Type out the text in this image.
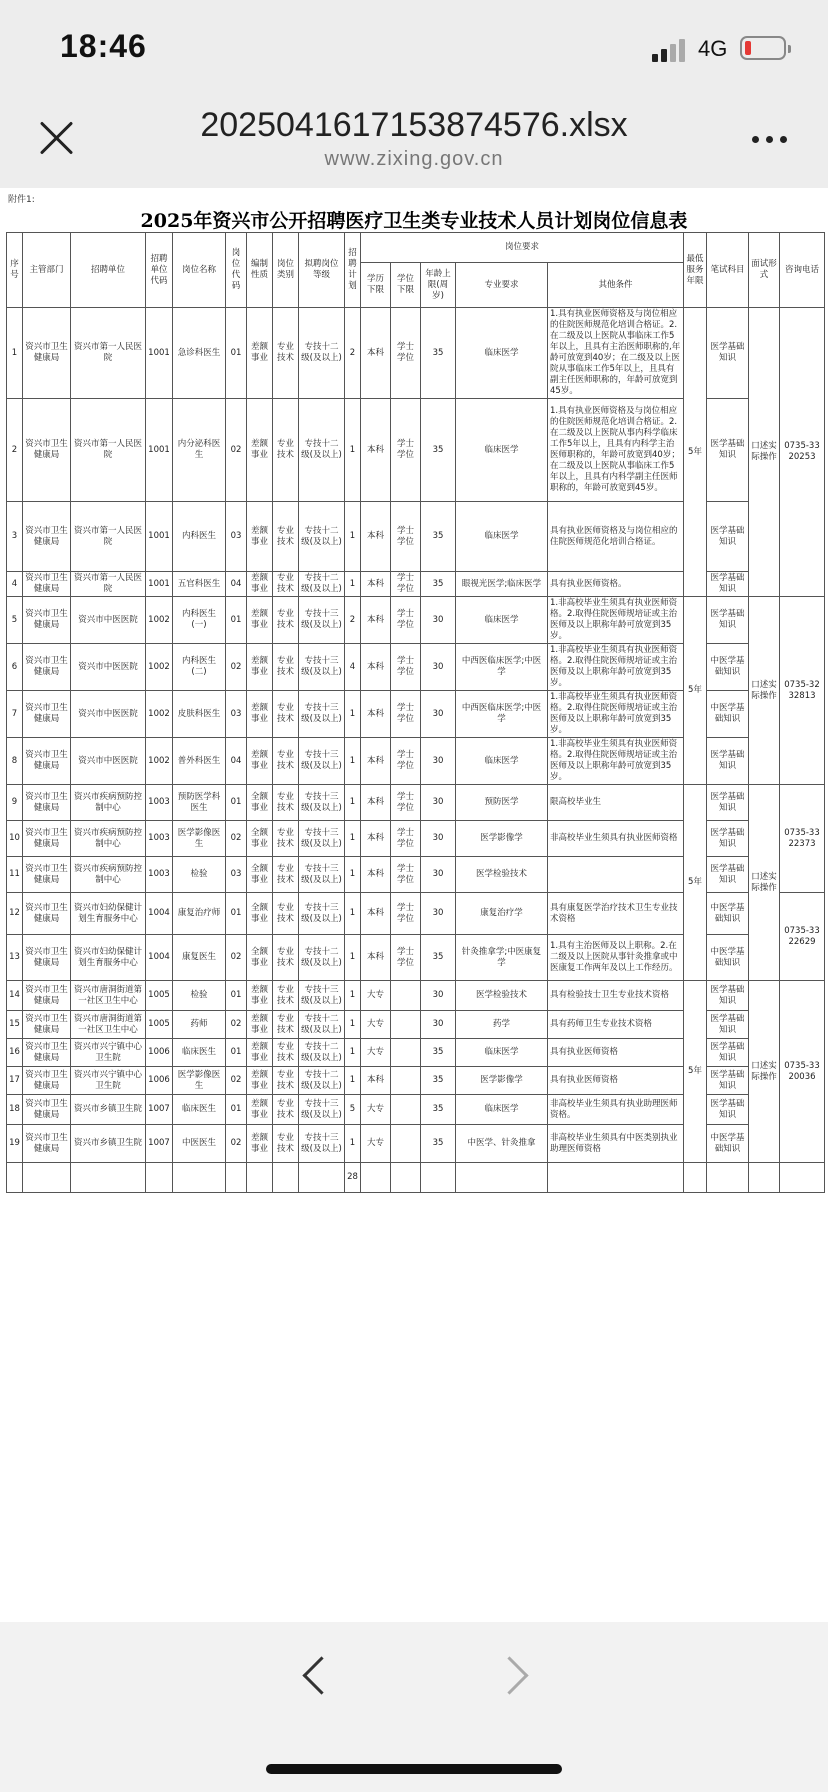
18:46	4G
20250416171538745​76.xlsx
www.zixing.gov.cn
附件1:
2025年资兴市公开招聘医疗卫生类专业技术人员计划岗位信息表
序号	主管部门	招聘单位	招聘单位代码	岗位名称	岗位代码	编制性质	岗位类别	拟聘岗位等级	招聘计划	岗位要求					最低服务年限	笔试科目	面试形式	咨询电话
										学历下限	学位下限	年龄上限(周岁)	专业要求	其他条件				
1	资兴市卫生健康局	资兴市第一人民医院	1001	急诊科医生	01	差额事业	专业技术	专技十二级(及以上)	2	本科	学士学位	35	临床医学	1.具有执业医师资格及与岗位相应的住院医师规范化培训合格证。2.在二级及以上医院从事临床工作5年以上，且具有主治医师职称的,年龄可放宽到40岁；在二级及以上医院从事临床工作5年以上，且具有副主任医师职称的，年龄可放宽到45岁。	5年	医学基础知识	口述实际操作	0735-3320253
2	资兴市卫生健康局	资兴市第一人民医院	1001	内分泌科医生	02	差额事业	专业技术	专技十二级(及以上)	1	本科	学士学位	35	临床医学	1.具有执业医师资格及与岗位相应的住院医师规范化培训合格证。2.在二级及以上医院从事内科学临床工作5年以上，且具有内科学主治医师职称的，年龄可放宽到40岁；在二级及以上医院从事临床工作5年以上，且具有内科学副主任医师职称的，年龄可放宽到45岁。		医学基础知识		
3	资兴市卫生健康局	资兴市第一人民医院	1001	内科医生	03	差额事业	专业技术	专技十二级(及以上)	1	本科	学士学位	35	临床医学	具有执业医师资格及与岗位相应的住院医师规范化培训合格证。		医学基础知识		
4	资兴市卫生健康局	资兴市第一人民医院	1001	五官科医生	04	差额事业	专业技术	专技十二级(及以上)	1	本科	学士学位	35	眼视光医学;临床医学	具有执业医师资格。		医学基础知识		
5	资兴市卫生健康局	资兴市中医医院	1002	内科医生(一)	01	差额事业	专业技术	专技十三级(及以上)	2	本科	学士学位	30	临床医学	1.非高校毕业生须具有执业医师资格。2.取得住院医师规培证或主治医师及以上职称年龄可放宽到35岁。	5年	医学基础知识	口述实际操作	0735-3232813
6	资兴市卫生健康局	资兴市中医医院	1002	内科医生(二)	02	差额事业	专业技术	专技十三级(及以上)	4	本科	学士学位	30	中西医临床医学;中医学	1.非高校毕业生须具有执业医师资格。2.取得住院医师规培证或主治医师及以上职称年龄可放宽到35岁。		中医学基础知识		
7	资兴市卫生健康局	资兴市中医医院	1002	皮肤科医生	03	差额事业	专业技术	专技十三级(及以上)	1	本科	学士学位	30	中西医临床医学;中医学	1.非高校毕业生须具有执业医师资格。2.取得住院医师规培证或主治医师及以上职称年龄可放宽到35岁。		中医学基础知识		
8	资兴市卫生健康局	资兴市中医医院	1002	普外科医生	04	差额事业	专业技术	专技十三级(及以上)	1	本科	学士学位	30	临床医学	1.非高校毕业生须具有执业医师资格。2.取得住院医师规培证或主治医师及以上职称年龄可放宽到35岁。		医学基础知识		
9	资兴市卫生健康局	资兴市疾病预防控制中心	1003	预防医学科医生	01	全额事业	专业技术	专技十三级(及以上)	1	本科	学士学位	30	预防医学	限高校毕业生	5年	医学基础知识	口述实际操作	0735-3322373
10	资兴市卫生健康局	资兴市疾病预防控制中心	1003	医学影像医生	02	全额事业	专业技术	专技十三级(及以上)	1	本科	学士学位	30	医学影像学	非高校毕业生须具有执业医师资格		医学基础知识		
11	资兴市卫生健康局	资兴市疾病预防控制中心	1003	检验	03	全额事业	专业技术	专技十三级(及以上)	1	本科	学士学位	30	医学检验技术			医学基础知识		
12	资兴市卫生健康局	资兴市妇幼保健计划生育服务中心	1004	康复治疗师	01	全额事业	专业技术	专技十三级(及以上)	1	本科	学士学位	30	康复治疗学	具有康复医学治疗技术卫生专业技术资格		中医学基础知识		0735-3322629
13	资兴市卫生健康局	资兴市妇幼保健计划生育服务中心	1004	康复医生	02	全额事业	专业技术	专技十二级(及以上)	1	本科	学士学位	35	针灸推拿学;中医康复学	1.具有主治医师及以上职称。2.在二级及以上医院从事针灸推拿或中医康复工作两年及以上工作经历。		中医学基础知识		
14	资兴市卫生健康局	资兴市唐洞街道第一社区卫生中心	1005	检验	01	差额事业	专业技术	专技十三级(及以上)	1	大专		30	医学检验技术	具有检验技士卫生专业技术资格	5年	医学基础知识	口述实际操作	0735-3320036
15	资兴市卫生健康局	资兴市唐洞街道第一社区卫生中心	1005	药师	02	差额事业	专业技术	专技十二级(及以上)	1	大专		30	药学	具有药师卫生专业技术资格		医学基础知识		
16	资兴市卫生健康局	资兴市兴宁镇中心卫生院	1006	临床医生	01	差额事业	专业技术	专技十二级(及以上)	1	大专		35	临床医学	具有执业医师资格		医学基础知识		
17	资兴市卫生健康局	资兴市兴宁镇中心卫生院	1006	医学影像医生	02	差额事业	专业技术	专技十二级(及以上)	1	本科		35	医学影像学	具有执业医师资格		医学基础知识		
18	资兴市卫生健康局	资兴市乡镇卫生院	1007	临床医生	01	差额事业	专业技术	专技十三级(及以上)	5	大专		35	临床医学	非高校毕业生须具有执业助理医师资格。		医学基础知识		
19	资兴市卫生健康局	资兴市乡镇卫生院	1007	中医医生	02	差额事业	专业技术	专技十三级(及以上)	1	大专		35	中医学、针灸推拿	非高校毕业生须具有中医类别执业助理医师资格		中医学基础知识		
									28									
